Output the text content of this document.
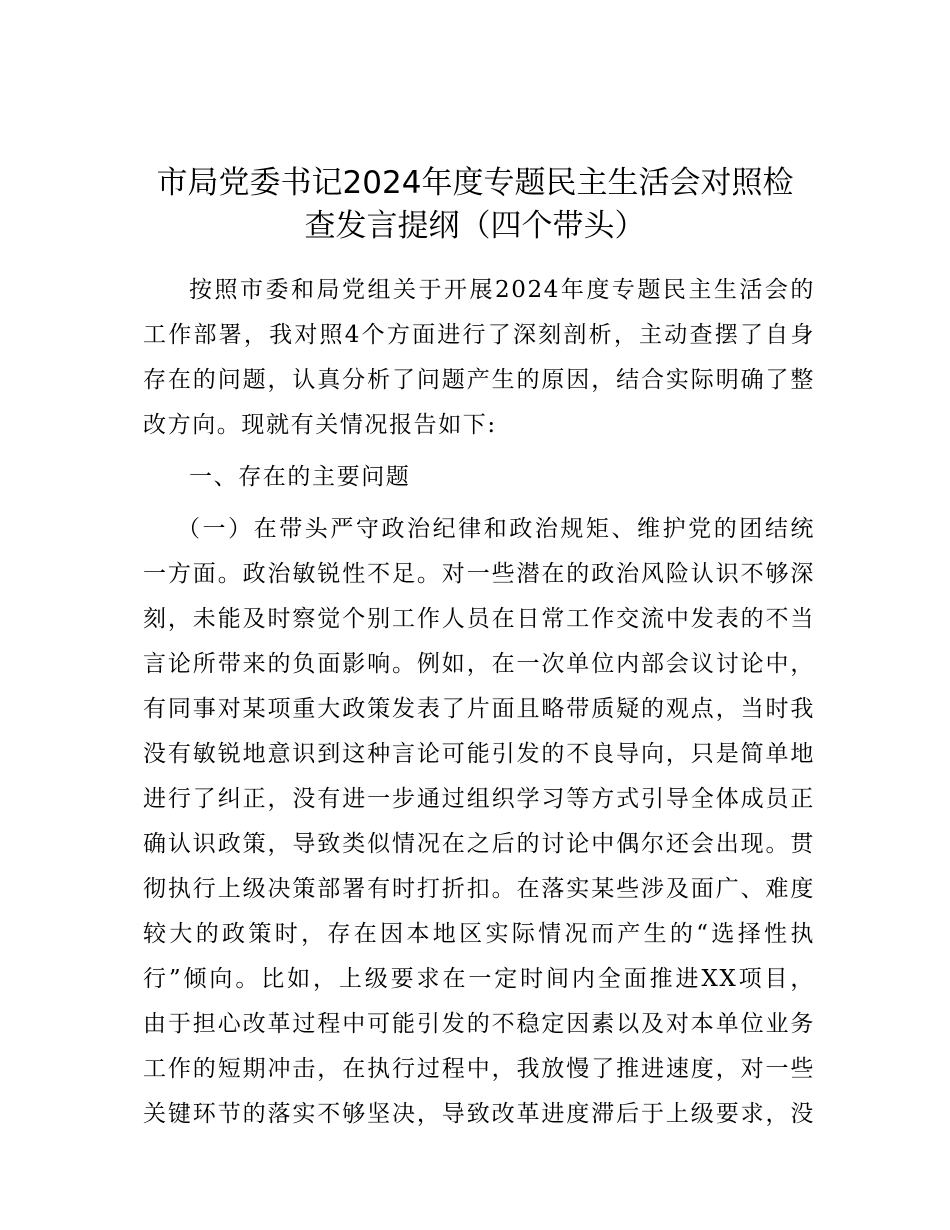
市局党委书记2024年度专题民主生活会对照检
查发言提纲（四个带头）

按照市委和局党组关于开展2024年度专题民主生活会的
工作部署，我对照4个方面进行了深刻剖析，主动查摆了自身
存在的问题，认真分析了问题产生的原因，结合实际明确了整
改方向。现就有关情况报告如下:

一、存在的主要问题

（一）在带头严守政治纪律和政治规矩、维护党的团结统
一方面。政治敏锐性不足。对一些潜在的政治风险认识不够深
刻，未能及时察觉个别工作人员在日常工作交流中发表的不当
言论所带来的负面影响。例如，在一次单位内部会议讨论中，
有同事对某项重大政策发表了片面且略带质疑的观点，当时我
没有敏锐地意识到这种言论可能引发的不良导向，只是简单地
进行了纠正，没有进一步通过组织学习等方式引导全体成员正
确认识政策，导致类似情况在之后的讨论中偶尔还会出现。贯
彻执行上级决策部署有时打折扣。在落实某些涉及面广、难度
较大的政策时，存在因本地区实际情况而产生的“选择性执
行”倾向。比如，上级要求在一定时间内全面推进XX项目，
由于担心改革过程中可能引发的不稳定因素以及对本单位业务
工作的短期冲击，在执行过程中，我放慢了推进速度，对一些
关键环节的落实不够坚决，导致改革进度滞后于上级要求，没
